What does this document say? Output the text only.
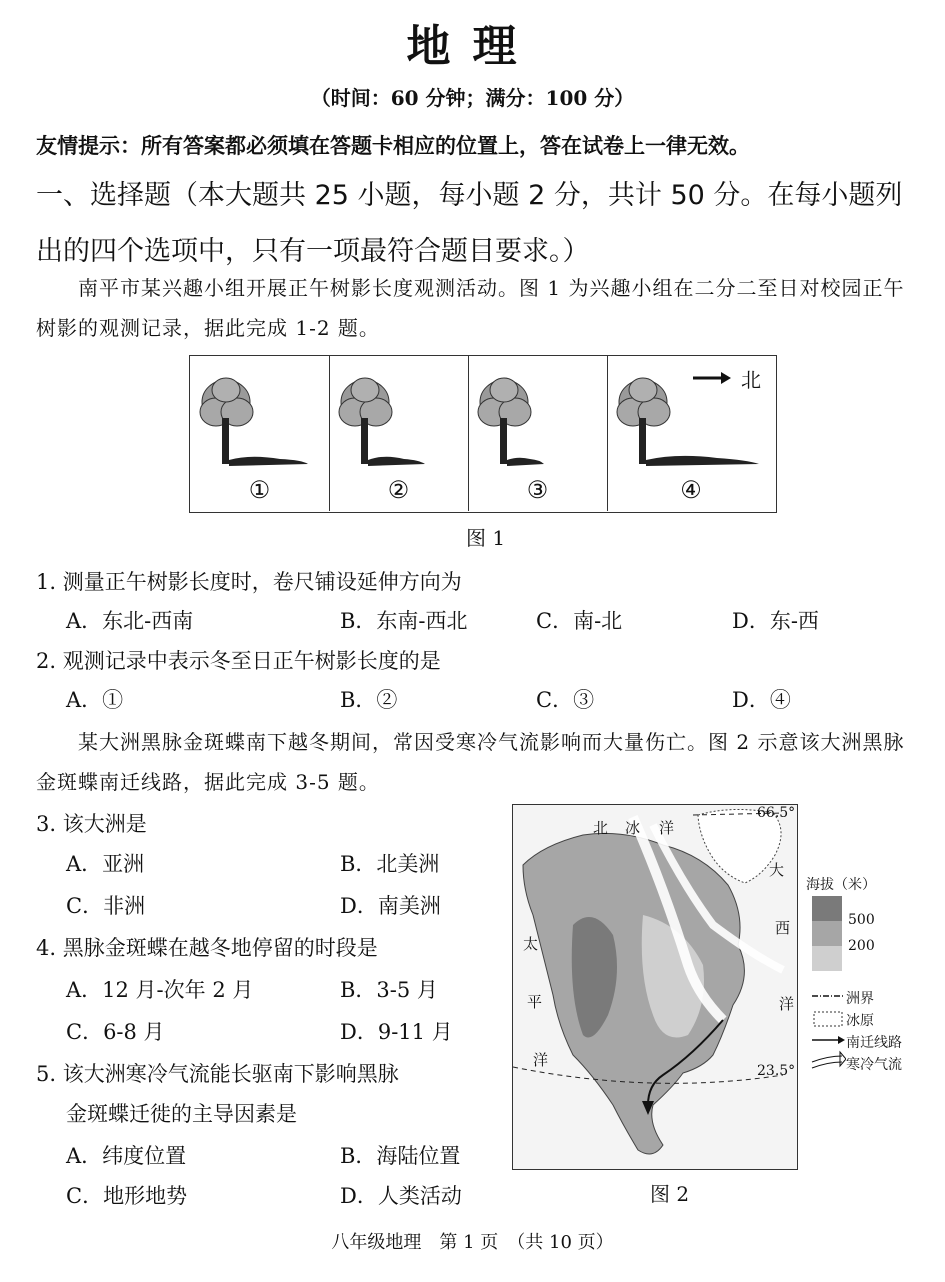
地理
（时间：60 分钟；满分：100 分）
友情提示：所有答案都必须填在答题卡相应的位置上，答在试卷上一律无效。
一、选择题（本大题共 25 小题，每小题 2 分，共计 50 分。在每小题列出的四个选项中，只有一项最符合题目要求。）
南平市某兴趣小组开展正午树影长度观测活动。图 1 为兴趣小组在二分二至日对校园正午树影的观测记录，据此完成 1-2 题。
①	②	③
北
④
图 1
1. 测量正午树影长度时，卷尺铺设延伸方向为
A．东北-西南	B．东南-西北	C．南-北	D．东-西
2. 观测记录中表示冬至日正午树影长度的是
A．①	B．②	C．③	D．④
某大洲黑脉金斑蝶南下越冬期间，常因受寒冷气流影响而大量伤亡。图 2 示意该大洲黑脉金斑蝶南迁线路，据此完成 3-5 题。
3. 该大洲是
A．亚洲	B．北美洲
C．非洲	D．南美洲
4. 黑脉金斑蝶在越冬地停留的时段是
A．12 月-次年 2 月	B．3-5 月
C．6-8 月	D．9-11 月
5. 该大洲寒冷气流能长驱南下影响黑脉
金斑蝶迁徙的主导因素是
A．纬度位置	B．海陆位置
C．地形地势	D．人类活动
北 冰 洋
66.5°
23.5°
太
平
洋
大
西
洋
图 2
海拔（米）
500
200
洲界
冰原
南迁线路
寒冷气流
八年级地理　第 1 页　（共 10 页）
